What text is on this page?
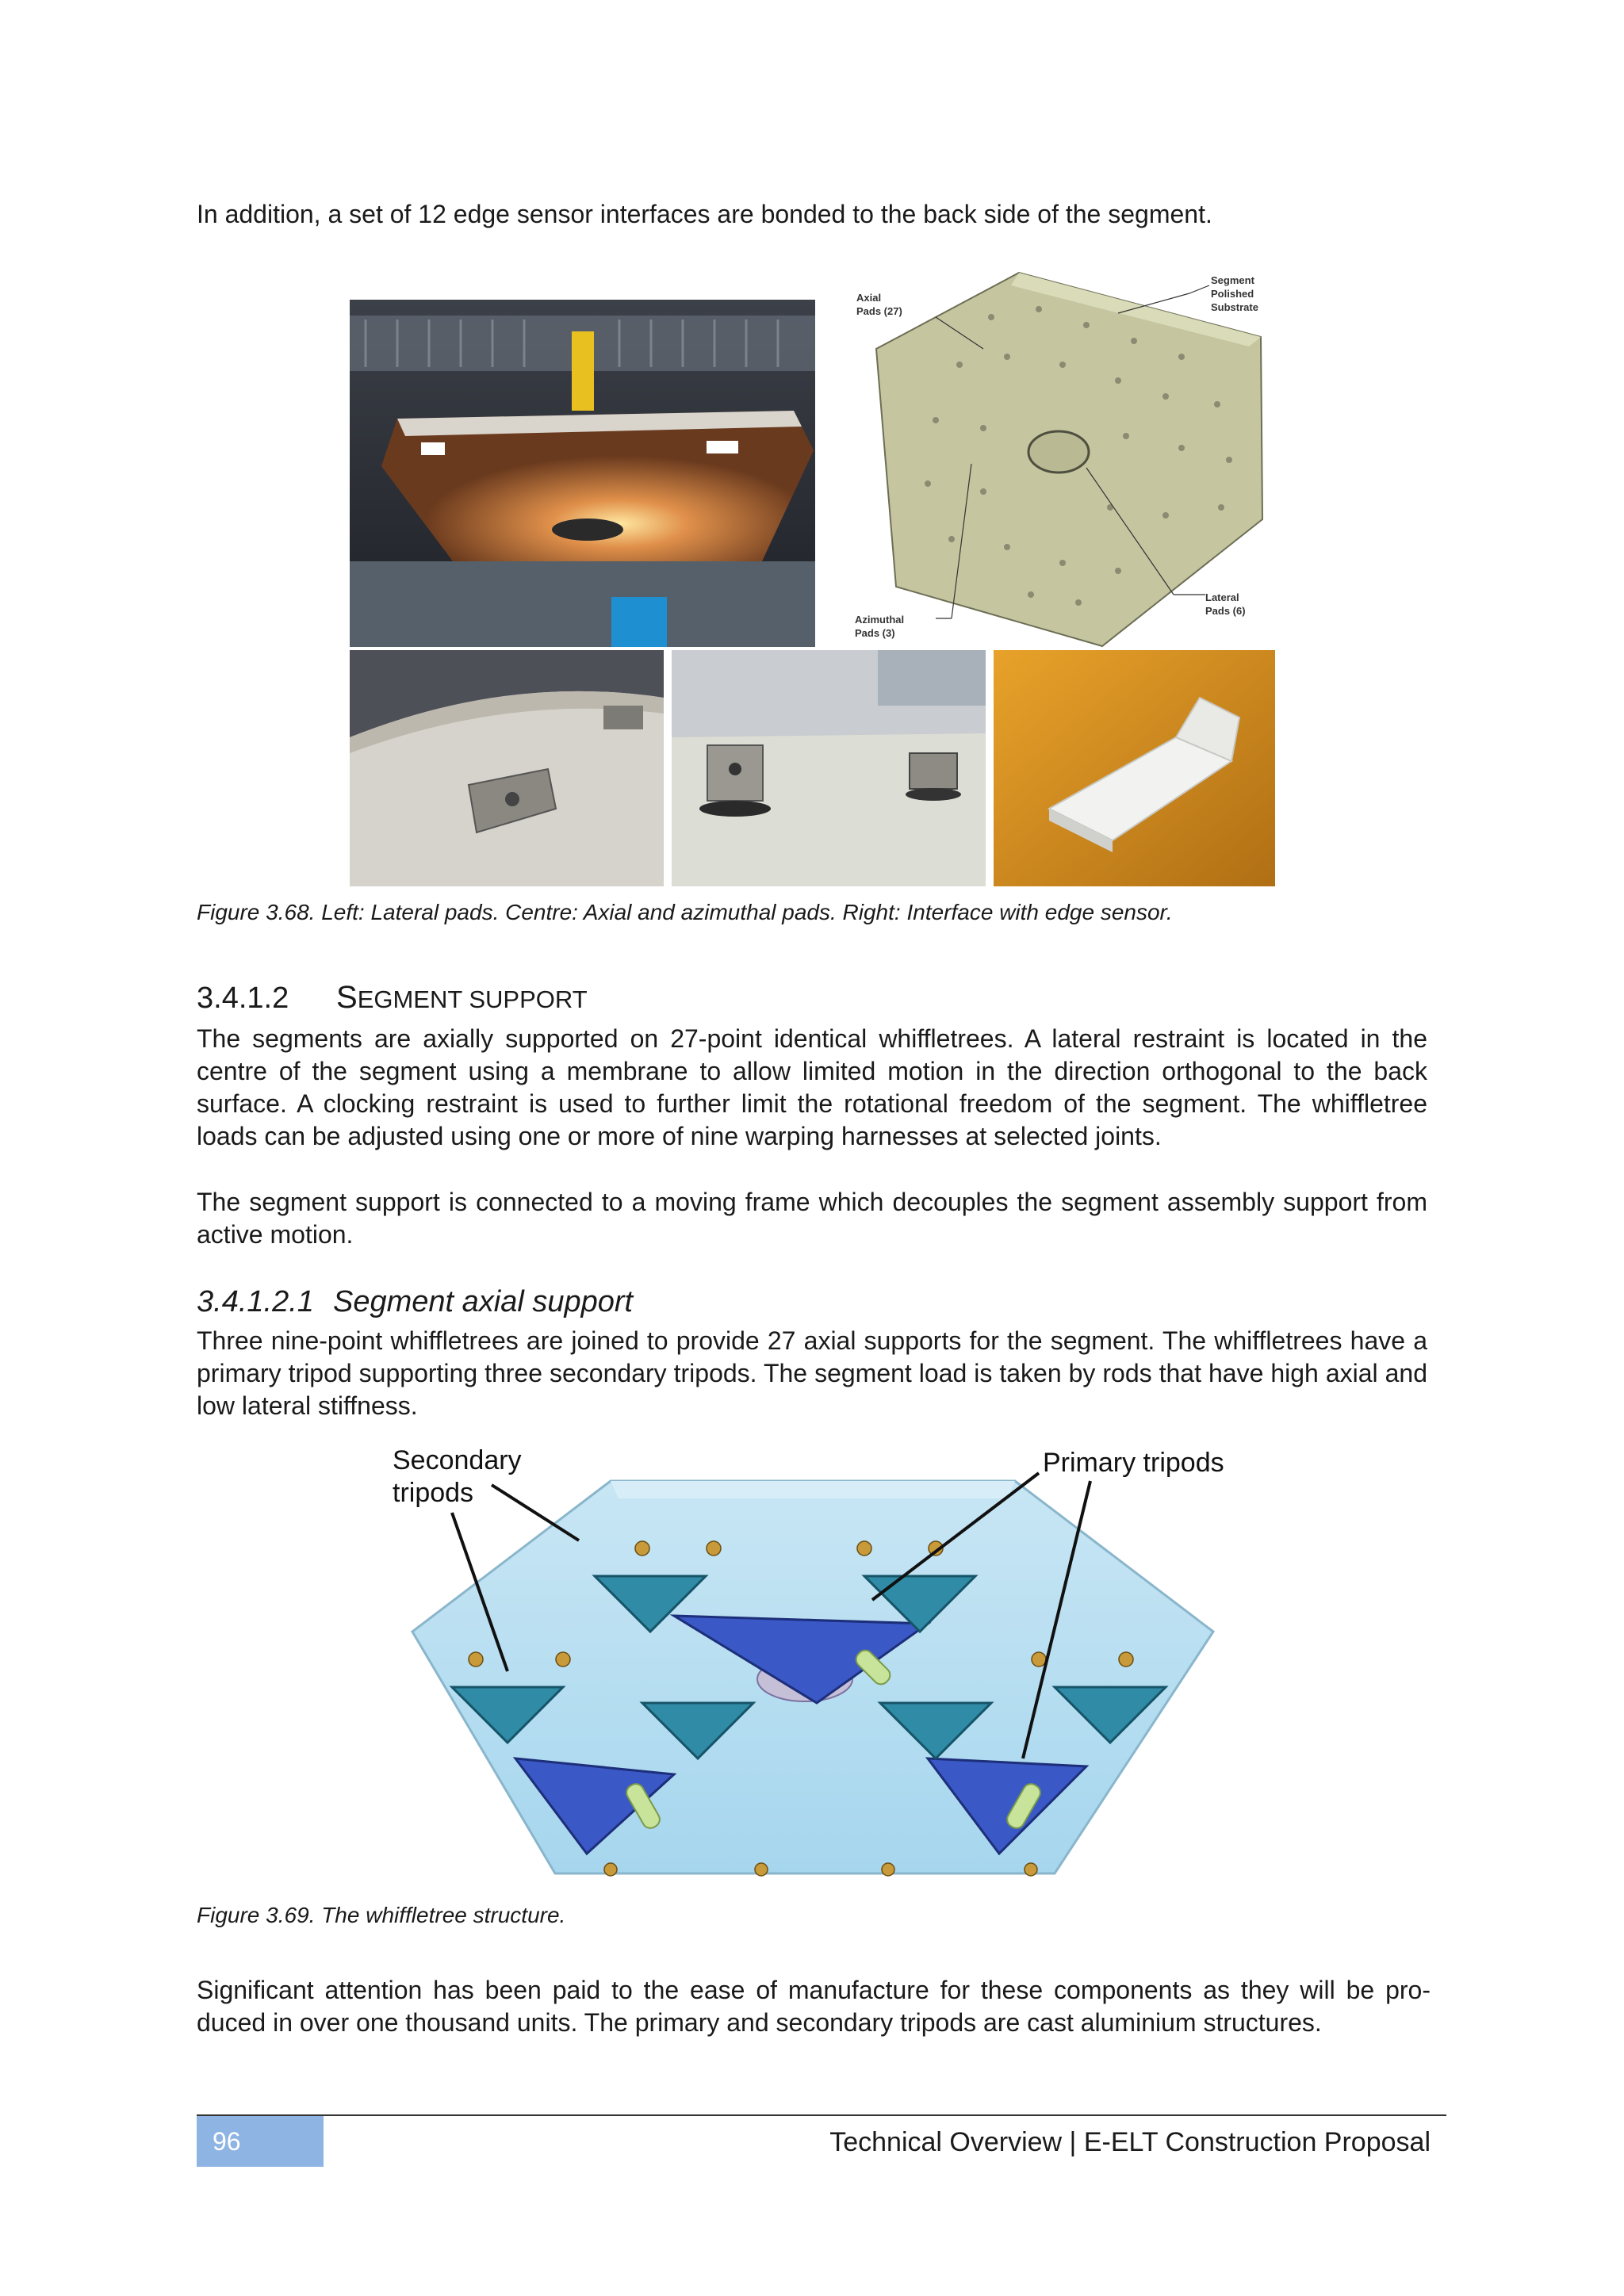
In addition, a set of 12 edge sensor interfaces are bonded to the back side of the segment.

Axial
Pads (27)
Segment
Polished
Substrate
Azimuthal
Pads (3)
Lateral
Pads (6)

Figure 3.68. Left: Lateral pads. Centre: Axial and azimuthal pads. Right: Interface with edge sensor.

3.4.1.2 SEGMENT SUPPORT

The segments are axially supported on 27-point identical whiffletrees. A lateral restraint is located in the centre of the segment using a membrane to allow limited motion in the direction orthogonal to the back surface. A clocking restraint is used to further limit the rotational freedom of the segment. The whiffletree loads can be adjusted using one or more of nine warping harnesses at selected joints.

The segment support is connected to a moving frame which decouples the segment assembly support from active motion.

3.4.1.2.1 Segment axial support

Three nine-point whiffletrees are joined to provide 27 axial supports for the segment. The whiffletrees have a primary tripod supporting three secondary tripods. The segment load is taken by rods that have high axial and low lateral stiffness.

Secondary
tripods
Primary tripods

Figure 3.69. The whiffletree structure.

Significant attention has been paid to the ease of manufacture for these components as they will be pro-

duced in over one thousand units. The primary and secondary tripods are cast aluminium structures.

96	Technical Overview | E-ELT Construction Proposal
